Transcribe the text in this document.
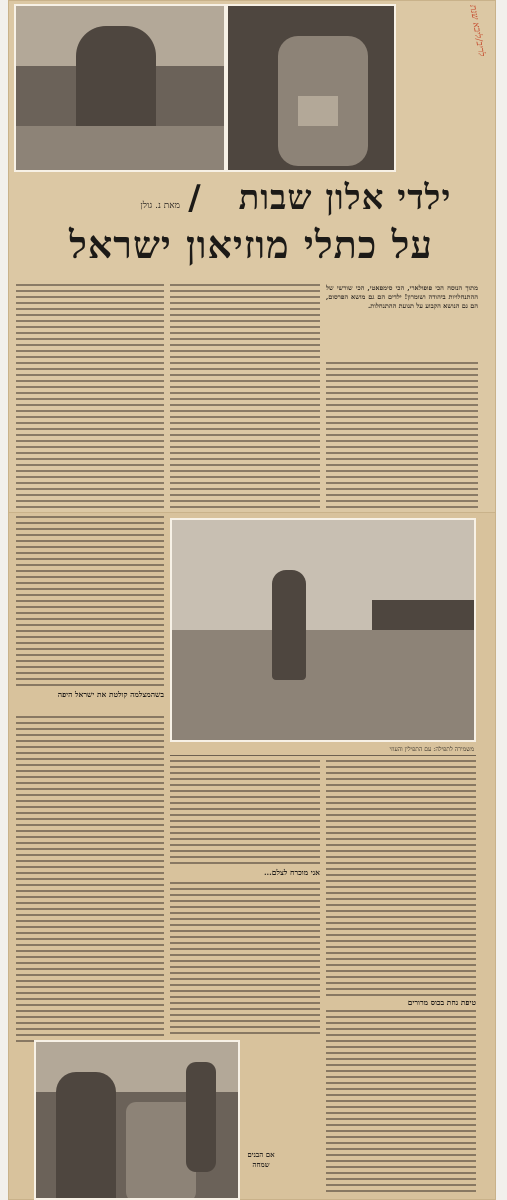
לריב/ליבא שנת
ילדי אלון שבות
/
מאת נ. גולן
על כתלי מוזיאון ישראל
מתוך הנוסח הכי פופולארי, הכי סימפאטי, הכי שורשי של ההתנחלויות ביהודה ושומרון! ילדים הם גם מושא הפרסום, הם גם הנושא הקבוע על תנועת ההתנחלות.
בשהמצלמה קולטת את ישראל היפה
משמירה לתפילה: עם התפילין והעוזי
טיפת נחת בכוס מרורים
אני מוכרח לצלם...
אם הבנים שמחה
